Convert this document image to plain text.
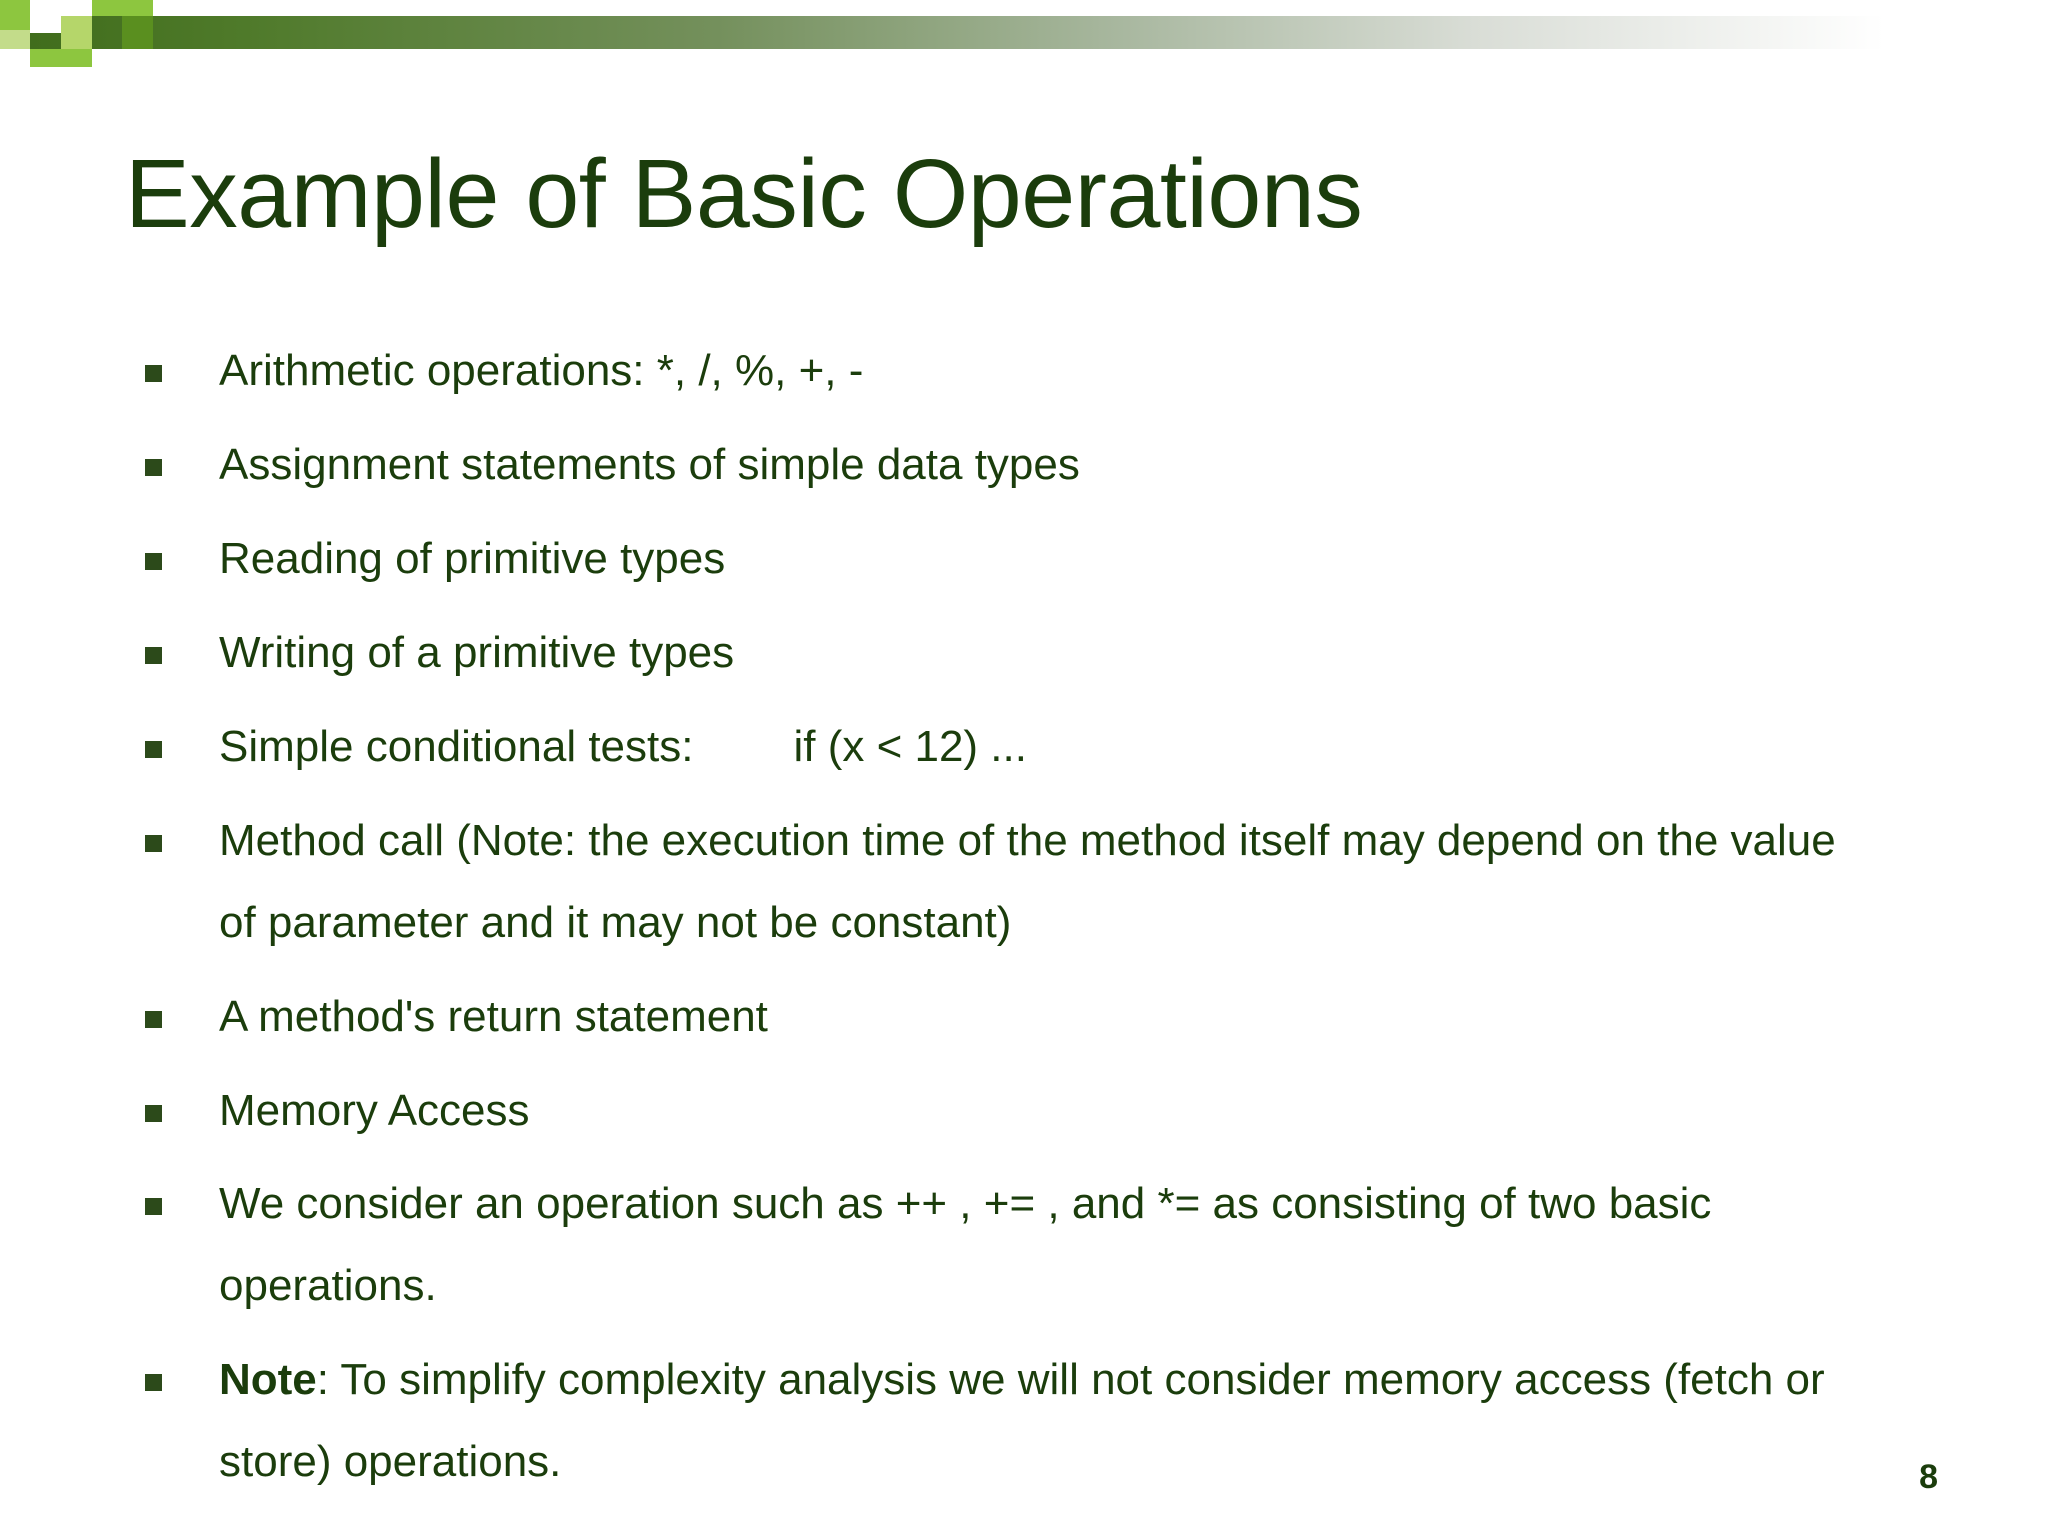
Example of Basic Operations
Arithmetic operations: *, /, %, +, -
Assignment statements of simple data types
Reading of primitive types
Writing of a primitive types
Simple conditional tests: if (x < 12) ...
Method call (Note: the execution time of the method itself may depend on the value
of parameter and it may not be constant)
A method's return statement
Memory Access
We consider an operation such as ++ , += , and *= as consisting of two basic
operations.
Note: To simplify complexity analysis we will not consider memory access (fetch or
store) operations.	8
